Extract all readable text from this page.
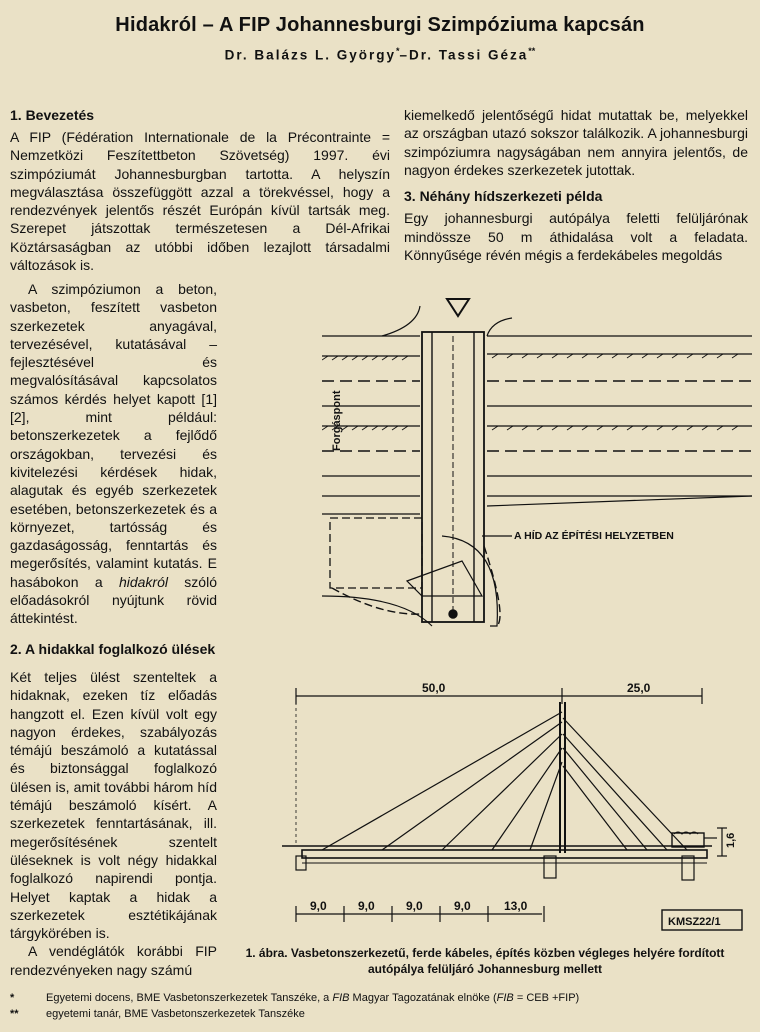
Hidakról – A FIP Johannesburgi Szimpóziuma kapcsán
Dr. Balázs L. György*–Dr. Tassi Géza**
1. Bevezetés

A FIP (Fédération Internationale de la Précontrainte = Nemzetközi Feszítettbeton Szövetség) 1997. évi szimpóziumát Johannesburgban tartotta. A helyszín megválasztása összefüggött azzal a törekvéssel, hogy a rendezvények jelentős részét Európán kívül tartsák meg. Szerepet játszottak természetesen a Dél-Afrikai Köztársaságban az utóbbi időben lezajlott társadalmi változások is.

A szimpóziumon a beton, vasbeton, feszített vasbeton szerkezetek anyagával, tervezésével, kutatásával – fejlesztésével és megvalósításával kapcsolatos számos kérdés helyet kapott [1] [2], mint például: betonszerkezetek a fejlődő országokban, tervezési és kivitelezési kérdések hidak, alagutak és egyéb szerkezetek esetében, betonszerkezetek és a környezet, tartósság és gazdaságosság, fenntartás és megerősítés, valamint kutatás. E hasábokon a hidakról szóló előadásokról nyújtunk rövid áttekintést.

2. A hidakkal foglalkozó ülések

Két teljes ülést szenteltek a hidaknak, ezeken tíz előadás hangzott el. Ezen kívül volt egy nagyon érdekes, szabályozás témájú beszámoló a kutatással és biztonsággal foglalkozó ülésen is, amit további három híd témájú beszámoló kísért. A szerkezetek fenntartásának, ill. megerősítésének szentelt üléseknek is volt négy hidakkal foglalkozó napirendi pontja. Helyet kaptak a hidak a szerkezetek esztétikájának tárgykörében is.

A vendéglátók korábbi FIP rendezvényeken nagy számú

kiemelkedő jelentőségű hidat mutattak be, melyekkel az országban utazó sokszor találkozik. A johannesburgi szimpóziumra nagyságában nem annyira jelentős, de nagyon érdekes szerkezetek jutottak.

3. Néhány hídszerkezeti példa

Egy johannesburgi autópálya feletti felüljárónak mindössze 50 m áthidalása volt a feladata. Könnyűsége révén mégis a ferdekábeles megoldás

Forgáspont
A HÍD AZ ÉPÍTÉSI HELYZETBEN
50,0	25,0
1,6
9,0	9,0	9,0	9,0	13,0
KMSZ22/1
1. ábra. Vasbetonszerkezetű, ferde kábeles, építés közben végleges helyére fordított autópálya felüljáró Johannesburg mellett
*	Egyetemi docens, BME Vasbetonszerkezetek Tanszéke, a FIB Magyar Tagozatának elnöke (FIB = CEB +FIP)
**	egyetemi tanár, BME Vasbetonszerkezetek Tanszéke
